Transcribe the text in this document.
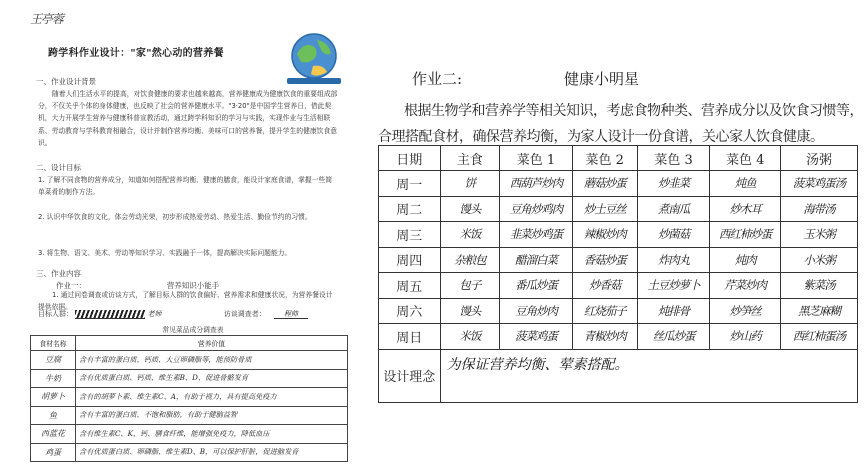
王亭蓉
跨学科作业设计："家"然心动的营养餐
一、作业设计背景
随着人们生活水平的提高，对饮食健康的要求也越来越高，营养健康成为健康饮食的重要组成部分，不仅关乎个体的身体健康，也反映了社会的营养健康水平。"3·20"是中国学生营养日，借此契机，大力开展学生营养与健康科普宣教活动，通过跨学科知识的学习与实践，实现作业与生活相联系、劳动教育与学科教育相融合，设计并制作营养均衡、美味可口的营养餐，提升学生的健康饮食意识。
二、设计目标
1. 了解不同食物的营养成分，知道如何搭配营养均衡、健康的膳食，能设计家庭食谱，掌握一些简单菜肴的制作方法。
2. 认识中华饮食的文化，体会劳动光荣，初步形成热爱劳动、热爱生活、勤俭节约的习惯。
3. 将生物、语文、美术、劳动等知识学习、实践融于一体，提高解决实际问题能力。
三、作业内容
作业一：	营养知识小能手
1. 通过问卷调查或访谈方式，了解目标人群的饮食偏好、营养需求和健康状况，为营养餐设计提供依据。
目标人群：	老师	访谈调查者：	程帅
常见菜品成分调查表
食材名称	营养价值
豆腐	含有丰富的蛋白质、钙质、大豆卵磷脂等，能预防骨质
牛奶	含有优质蛋白质、钙质、维生素B、D、促进骨骼发育
胡萝卜	含有的胡萝卜素、维生素C、A，有助于视力，具有提高免疫力
鱼	含有丰富的蛋白质、不饱和脂肪，有助于健脑益智
西蓝花	含有维生素C、K，钙、膳食纤维，能增强免疫力，降低血压
鸡蛋	含有优质蛋白质、卵磷脂、维生素D、B，可以保护肝脏，促进脑发育
作业二:	健康小明星
根据生物学和营养学等相关知识，考虑食物种类、营养成分以及饮食习惯等，合理搭配食材，确保营养均衡，为家人设计一份食谱，关心家人饮食健康。
日期	主食	菜色 1	菜色 2	菜色 3	菜色 4	汤粥
周一	饼	西葫芦炒肉	蘑菇炒蛋	炒韭菜	炖鱼	菠菜鸡蛋汤
周二	馒头	豆角炒鸡肉	炒土豆丝	煮南瓜	炒木耳	海带汤
周三	米饭	韭菜炒鸡蛋	辣椒炒肉	炒菌菇	西红柿炒蛋	玉米粥
周四	杂粮包	醋溜白菜	香菇炒蛋	炸肉丸	炖肉	小米粥
周五	包子	番瓜炒蛋	炒香菇	土豆炒萝卜	芹菜炒肉	紫菜汤
周六	馒头	豆角炒肉	红烧茄子	炖排骨	炒笋丝	黑芝麻糊
周日	米饭	菠菜鸡蛋	青椒炒肉	丝瓜炒蛋	炒山药	西红柿蛋汤
设计理念	为保证营养均衡、荤素搭配。					
